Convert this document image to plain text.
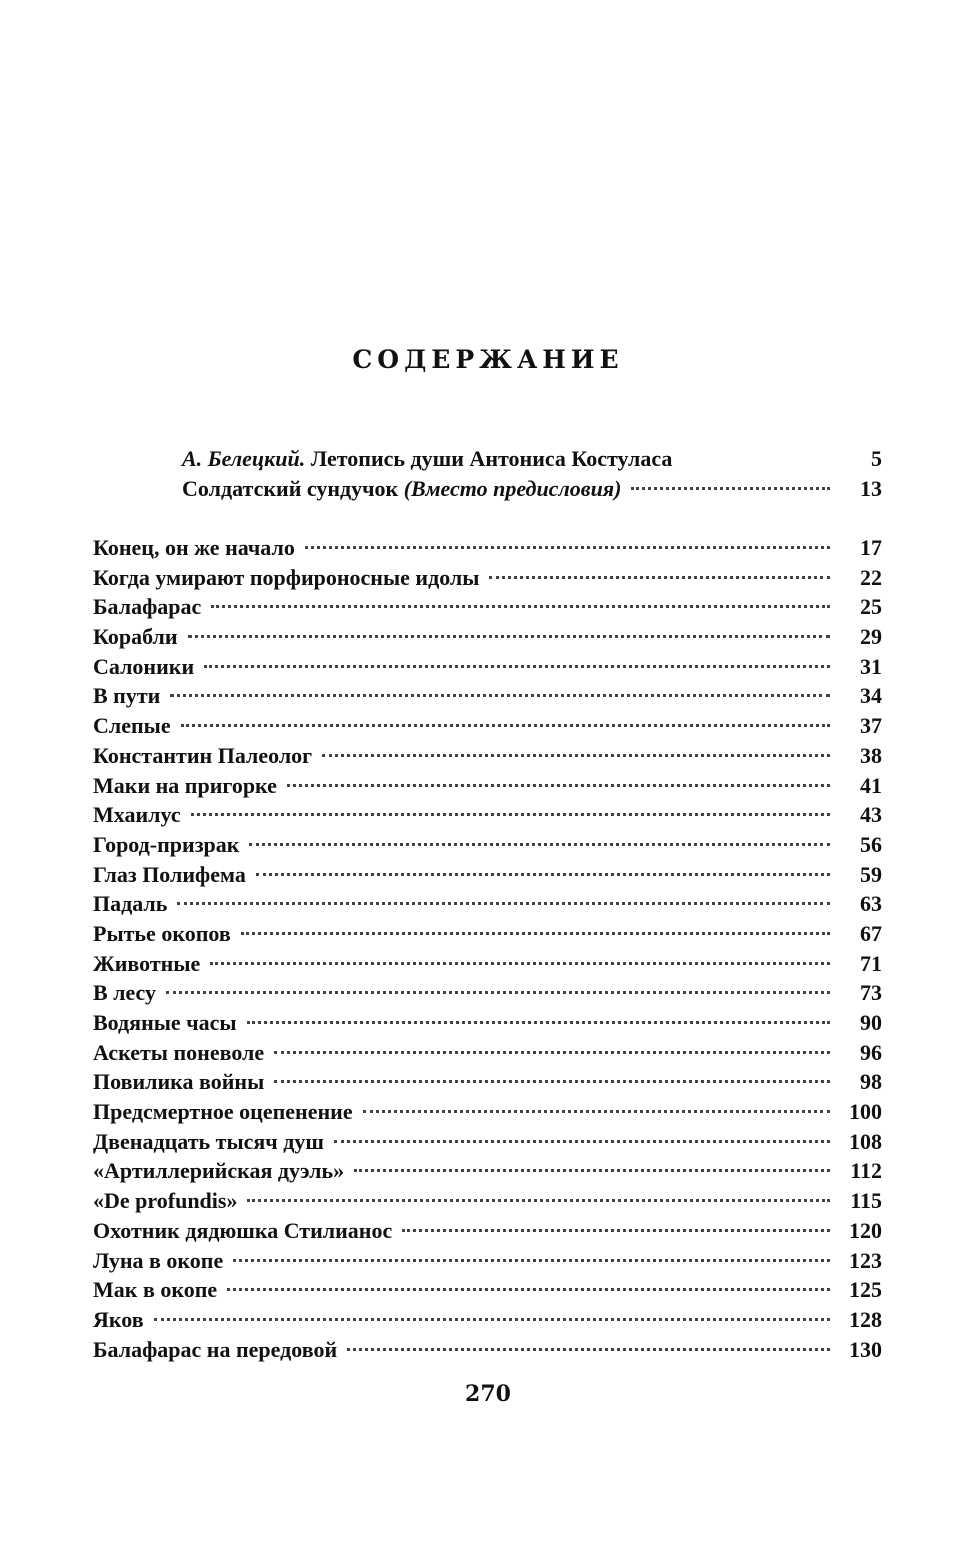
СОДЕРЖАНИЕ
А. Белецкий. Летопись души Антониса Костуласа	5
Солдатский сундучок (Вместо предисловия)	13
Конец, он же начало	17
Когда умирают порфироносные идолы	22
Балафарас	25
Корабли	29
Салоники	31
В пути	34
Слепые	37
Константин Палеолог	38
Маки на пригорке	41
Мхаилус	43
Город-призрак	56
Глаз Полифема	59
Падаль	63
Рытье окопов	67
Животные	71
В лесу	73
Водяные часы	90
Аскеты поневоле	96
Повилика войны	98
Предсмертное оцепенение	100
Двенадцать тысяч душ	108
«Артиллерийская дуэль»	112
«De profundis»	115
Охотник дядюшка Стилианос	120
Луна в окопе	123
Мак в окопе	125
Яков	128
Балафарас на передовой	130
270
